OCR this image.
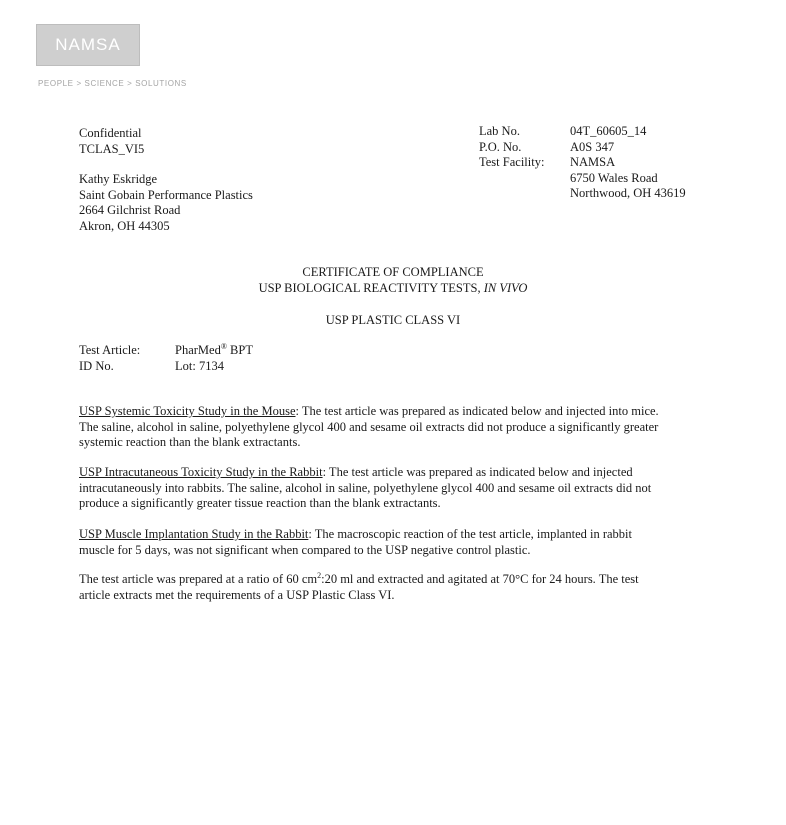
NAMSA
PEOPLE > SCIENCE > SOLUTIONS
Confidential
TCLAS_VI5
Kathy Eskridge
Saint Gobain Performance Plastics
2664 Gilchrist Road
Akron, OH 44305
Lab No.
P.O. No.
Test Facility:
04T_60605_14
A0S 347
NAMSA
6750 Wales Road
Northwood, OH 43619
CERTIFICATE OF COMPLIANCE
USP BIOLOGICAL REACTIVITY TESTS, IN VIVO
USP PLASTIC CLASS VI
Test Article:
ID No.
PharMed® BPT
Lot: 7134
USP Systemic Toxicity Study in the Mouse: The test article was prepared as indicated below and injected into mice.
The saline, alcohol in saline, polyethylene glycol 400 and sesame oil extracts did not produce a significantly greater
systemic reaction than the blank extractants.
USP Intracutaneous Toxicity Study in the Rabbit: The test article was prepared as indicated below and injected
intracutaneously into rabbits. The saline, alcohol in saline, polyethylene glycol 400 and sesame oil extracts did not
produce a significantly greater tissue reaction than the blank extractants.
USP Muscle Implantation Study in the Rabbit: The macroscopic reaction of the test article, implanted in rabbit
muscle for 5 days, was not significant when compared to the USP negative control plastic.
The test article was prepared at a ratio of 60 $cm^2:20$ ml and extracted and agitated at 70°C for 24 hours. The test
article extracts met the requirements of a USP Plastic Class VI.
